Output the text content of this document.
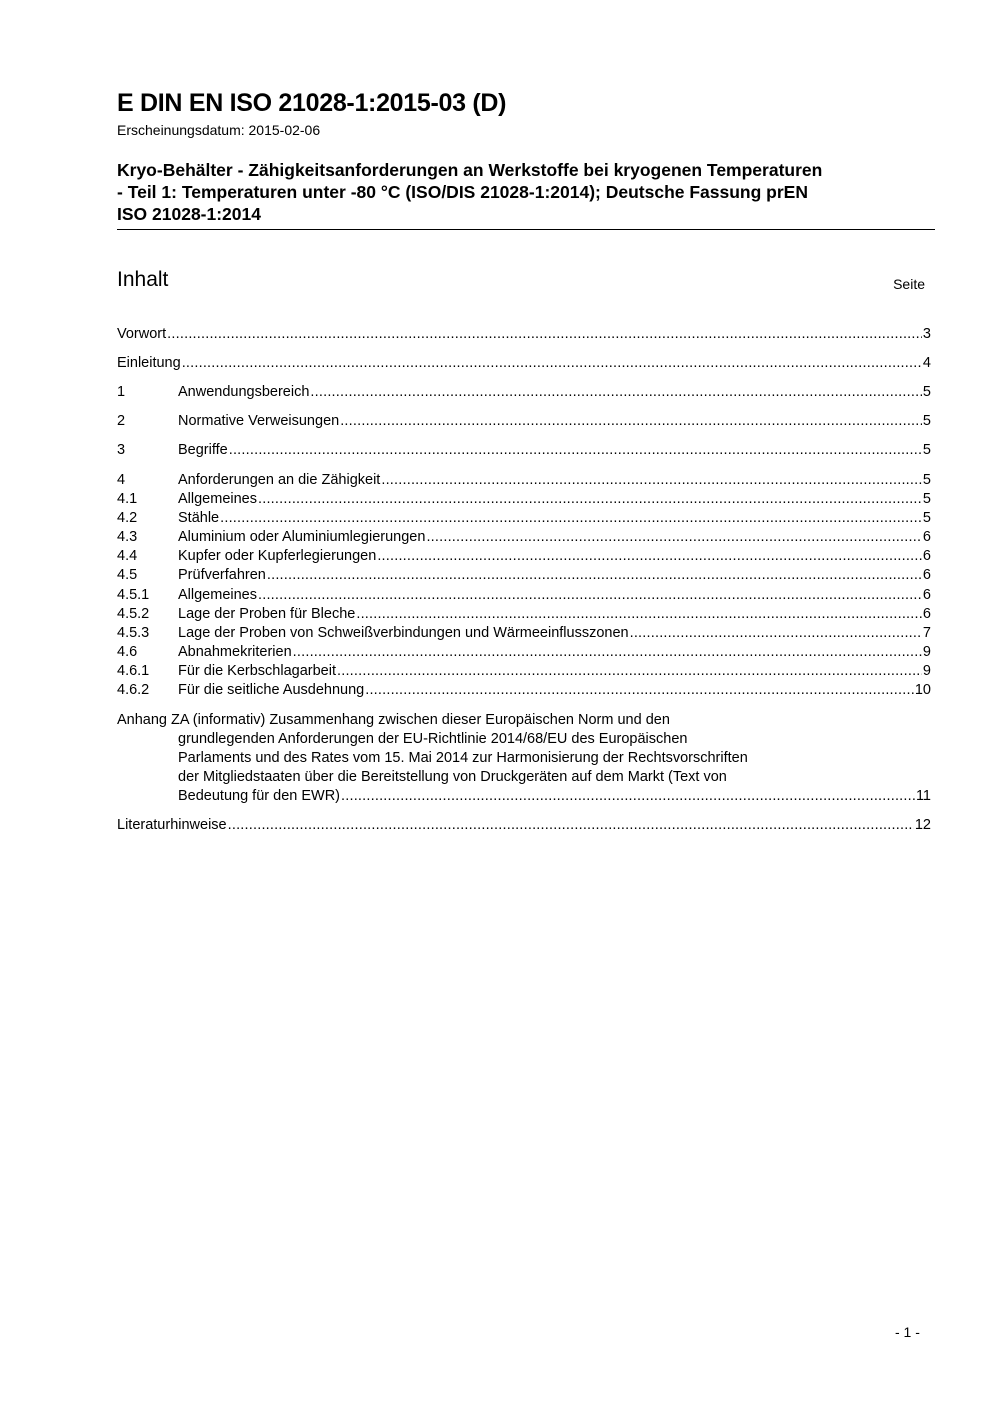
E DIN EN ISO 21028-1:2015-03 (D)
Erscheinungsdatum: 2015-02-06
Kryo-Behälter - Zähigkeitsanforderungen an Werkstoffe bei kryogenen Temperaturen
- Teil 1: Temperaturen unter -80 °C (ISO/DIS 21028-1:2014); Deutsche Fassung prEN
ISO 21028-1:2014
Inhalt	Seite
Vorwort .....	3
Einleitung .....	4
1	Anwendungsbereich .....	5
2	Normative Verweisungen .....	5
3	Begriffe .....	5
4	Anforderungen an die Zähigkeit .....	5
4.1	Allgemeines .....	5
4.2	Stähle .....	5
4.3	Aluminium oder Aluminiumlegierungen .....	6
4.4	Kupfer oder Kupferlegierungen .....	6
4.5	Prüfverfahren .....	6
4.5.1	Allgemeines .....	6
4.5.2	Lage der Proben für Bleche .....	6
4.5.3	Lage der Proben von Schweißverbindungen und Wärmeeinflusszonen .....	7
4.6	Abnahmekriterien .....	9
4.6.1	Für die Kerbschlagarbeit .....	9
4.6.2	Für die seitliche Ausdehnung .....	10
Anhang ZA (informativ) Zusammenhang zwischen dieser Europäischen Norm und den
grundlegenden Anforderungen der EU-Richtlinie 2014/68/EU des Europäischen
Parlaments und des Rates vom 15. Mai 2014 zur Harmonisierung der Rechtsvorschriften
der Mitgliedstaaten über die Bereitstellung von Druckgeräten auf dem Markt (Text von
Bedeutung für den EWR) .....	11
Literaturhinweise .....	12
- 1 -
